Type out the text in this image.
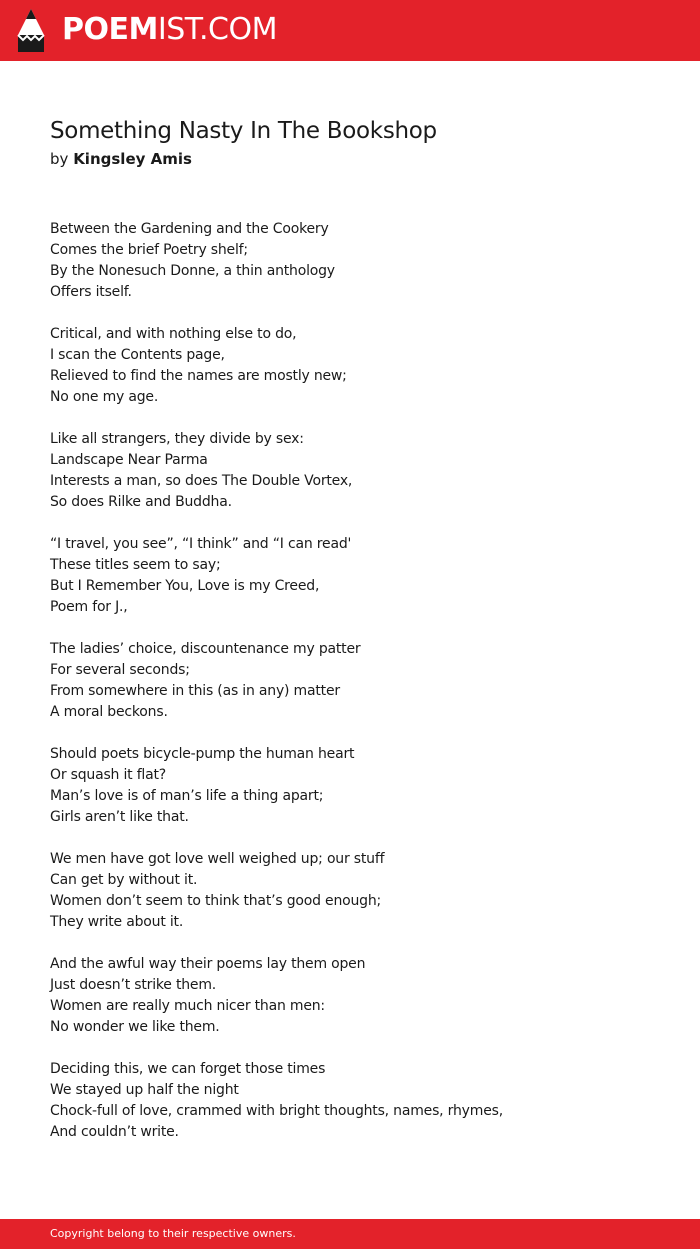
POEMIST.COM
Something Nasty In The Bookshop
by Kingsley Amis
Between the Gardening and the Cookery
Comes the brief Poetry shelf;
By the Nonesuch Donne, a thin anthology
Offers itself.
Critical, and with nothing else to do,
I scan the Contents page,
Relieved to find the names are mostly new;
No one my age.
Like all strangers, they divide by sex:
Landscape Near Parma
Interests a man, so does The Double Vortex,
So does Rilke and Buddha.
“I travel, you see”, “I think” and “I can read'
These titles seem to say;
But I Remember You, Love is my Creed,
Poem for J.,
The ladies’ choice, discountenance my patter
For several seconds;
From somewhere in this (as in any) matter
A moral beckons.
Should poets bicycle-pump the human heart
Or squash it flat?
Man’s love is of man’s life a thing apart;
Girls aren’t like that.
We men have got love well weighed up; our stuff
Can get by without it.
Women don’t seem to think that’s good enough;
They write about it.
And the awful way their poems lay them open
Just doesn’t strike them.
Women are really much nicer than men:
No wonder we like them.
Deciding this, we can forget those times
We stayed up half the night
Chock-full of love, crammed with bright thoughts, names, rhymes,
And couldn’t write.
Copyright belong to their respective owners.
